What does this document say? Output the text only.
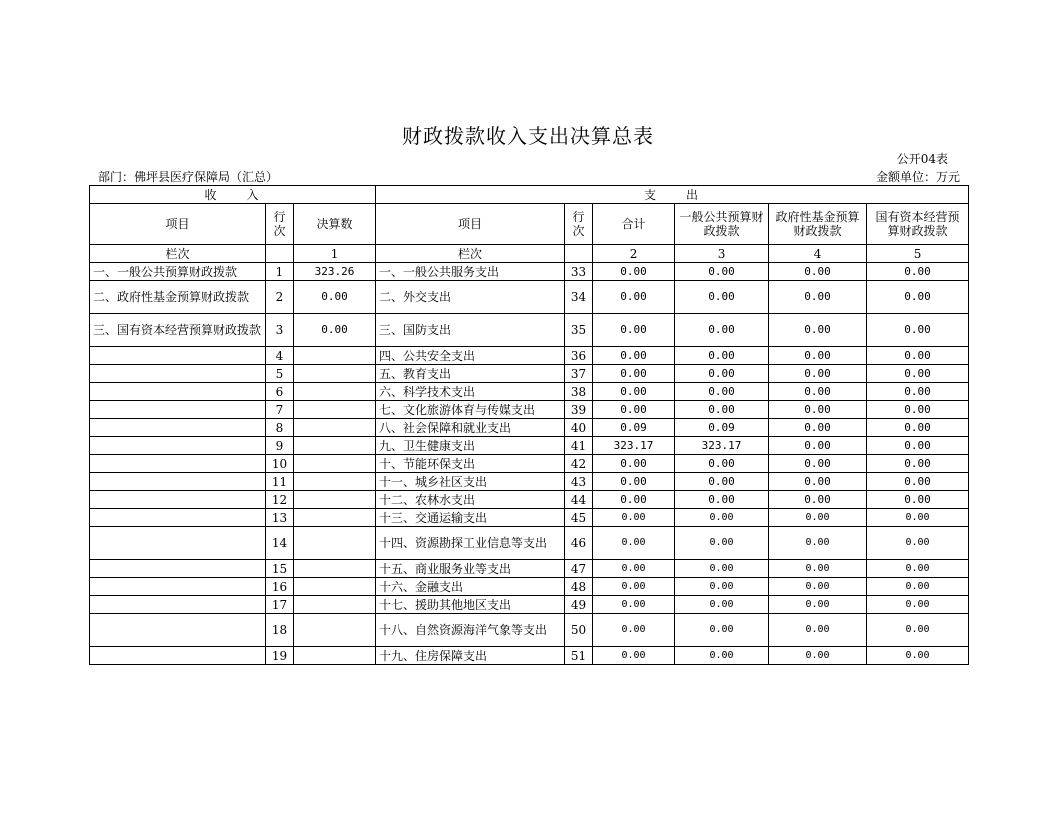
财政拨款收入支出决算总表
公开04表
部门：佛坪县医疗保障局（汇总）	金额单位：万元
收　　入			支　　出					
项目	行次	决算数	项目	行次	合计	一般公共预算财政拨款	政府性基金预算财政拨款	国有资本经营预算财政拨款
栏次		1	栏次		2	3	4	5
一、一般公共预算财政拨款	1	323.26	一、一般公共服务支出	33	0.00	0.00	0.00	0.00
二、政府性基金预算财政拨款	2	0.00	二、外交支出	34	0.00	0.00	0.00	0.00
三、国有资本经营预算财政拨款	3	0.00	三、国防支出	35	0.00	0.00	0.00	0.00
	4		四、公共安全支出	36	0.00	0.00	0.00	0.00
	5		五、教育支出	37	0.00	0.00	0.00	0.00
	6		六、科学技术支出	38	0.00	0.00	0.00	0.00
	7		七、文化旅游体育与传媒支出	39	0.00	0.00	0.00	0.00
	8		八、社会保障和就业支出	40	0.09	0.09	0.00	0.00
	9		九、卫生健康支出	41	323.17	323.17	0.00	0.00
	10		十、节能环保支出	42	0.00	0.00	0.00	0.00
	11		十一、城乡社区支出	43	0.00	0.00	0.00	0.00
	12		十二、农林水支出	44	0.00	0.00	0.00	0.00
	13		十三、交通运输支出	45	0.00	0.00	0.00	0.00
	14		十四、资源勘探工业信息等支出	46	0.00	0.00	0.00	0.00
	15		十五、商业服务业等支出	47	0.00	0.00	0.00	0.00
	16		十六、金融支出	48	0.00	0.00	0.00	0.00
	17		十七、援助其他地区支出	49	0.00	0.00	0.00	0.00
	18		十八、自然资源海洋气象等支出	50	0.00	0.00	0.00	0.00
	19		十九、住房保障支出	51	0.00	0.00	0.00	0.00
